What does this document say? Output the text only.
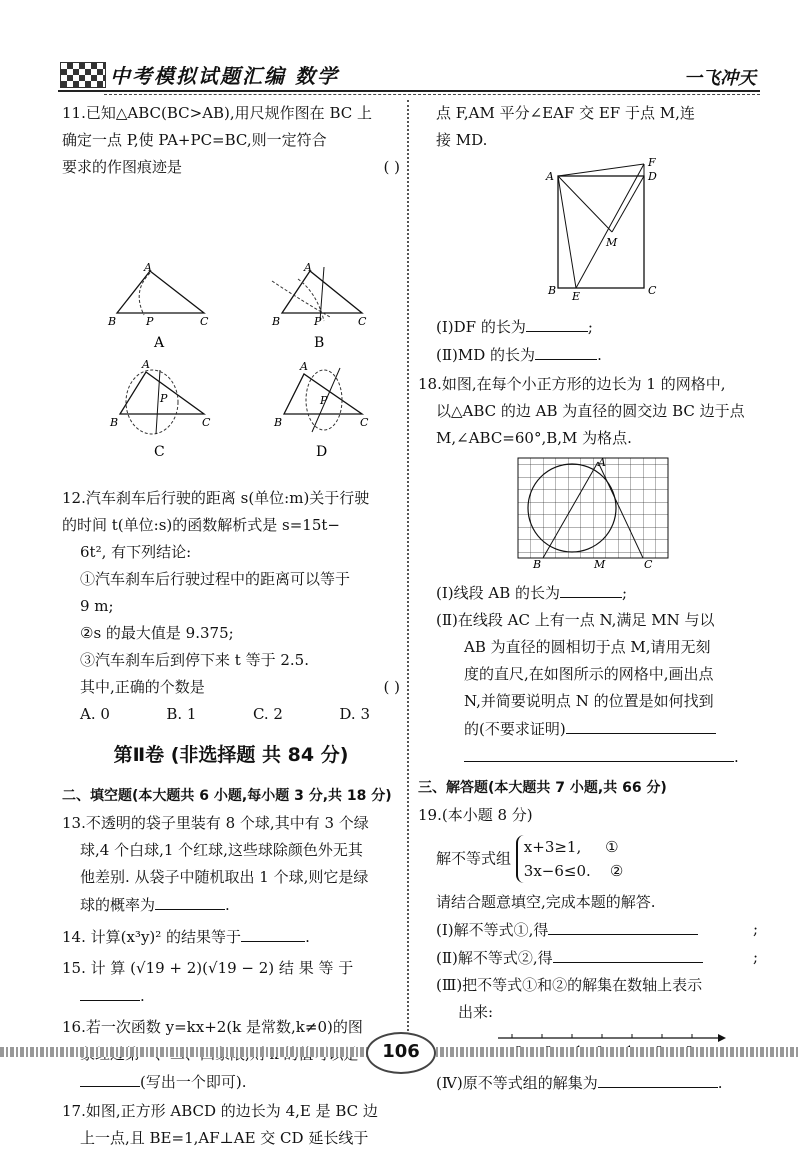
中考模拟试题汇编 数学	一飞冲天

11.已知△ABC(BC>AB),用尺规作图在 BC 上

确定一点 P,使 PA+PC=BC,则一定符合

要求的作图痕迹是	( )

A
B	P	C
A
A
B	P	C
B

A
B
P
C
C
A
B
P
C
D

12.汽车刹车后行驶的距离 s(单位:m)关于行驶

的时间 t(单位:s)的函数解析式是 s=15t−

6t², 有下列结论:

①汽车刹车后行驶过程中的距离可以等于

9 m;

②s 的最大值是 9.375;

③汽车刹车后到停下来 t 等于 2.5.

其中,正确的个数是	( )

A. 0	B. 1	C. 2	D. 3
第Ⅱ卷 (非选择题 共 84 分)

二、填空题(本大题共 6 小题,每小题 3 分,共 18 分)

13.不透明的袋子里装有 8 个球,其中有 3 个绿

球,4 个白球,1 个红球,这些球除颜色外无其

他差别. 从袋子中随机取出 1 个球,则它是绿

球的概率为	.

14. 计算(x³y)² 的结果等于	.

15. 计 算 (√19 + 2)(√19 − 2) 结 果 等 于

.

16.若一次函数 y=kx+2(k 是常数,k≠0)的图

(写出一个即可).

17.如图,正方形 ABCD 的边长为 4,E 是 BC 边

上一点,且 BE=1,AF⊥AE 交 CD 延长线于

点 F,AM 平分∠EAF 交 EF 于点 M,连

接 MD.

A
B E	C
D
F
M

(Ⅰ)DF 的长为	;

(Ⅱ)MD 的长为	.

18.如图,在每个小正方形的边长为 1 的网格中,

以△ABC 的边 AB 为直径的圆交边 BC 边于点

M,∠ABC=60°,B,M 为格点.

B	M	C
A

(Ⅰ)线段 AB 的长为	;

(Ⅱ)在线段 AC 上有一点 N,满足 MN 与以

AB 为直径的圆相切于点 M,请用无刻

度的直尺,在如图所示的网格中,画出点

N,并简要说明点 N 的位置是如何找到

的(不要求证明)

.

三、解答题(本大题共 7 小题,共 66 分)

19.(本小题 8 分)

解不等式组
x+3≥1, ①
3x−6≤0. ②

请结合题意填空,完成本题的解答.

(Ⅰ)解不等式①,得	;

(Ⅱ)解不等式②,得	;

(Ⅲ)把不等式①和②的解集在数轴上表示

出来:

(Ⅳ)原不等式组的解集为	.

106
